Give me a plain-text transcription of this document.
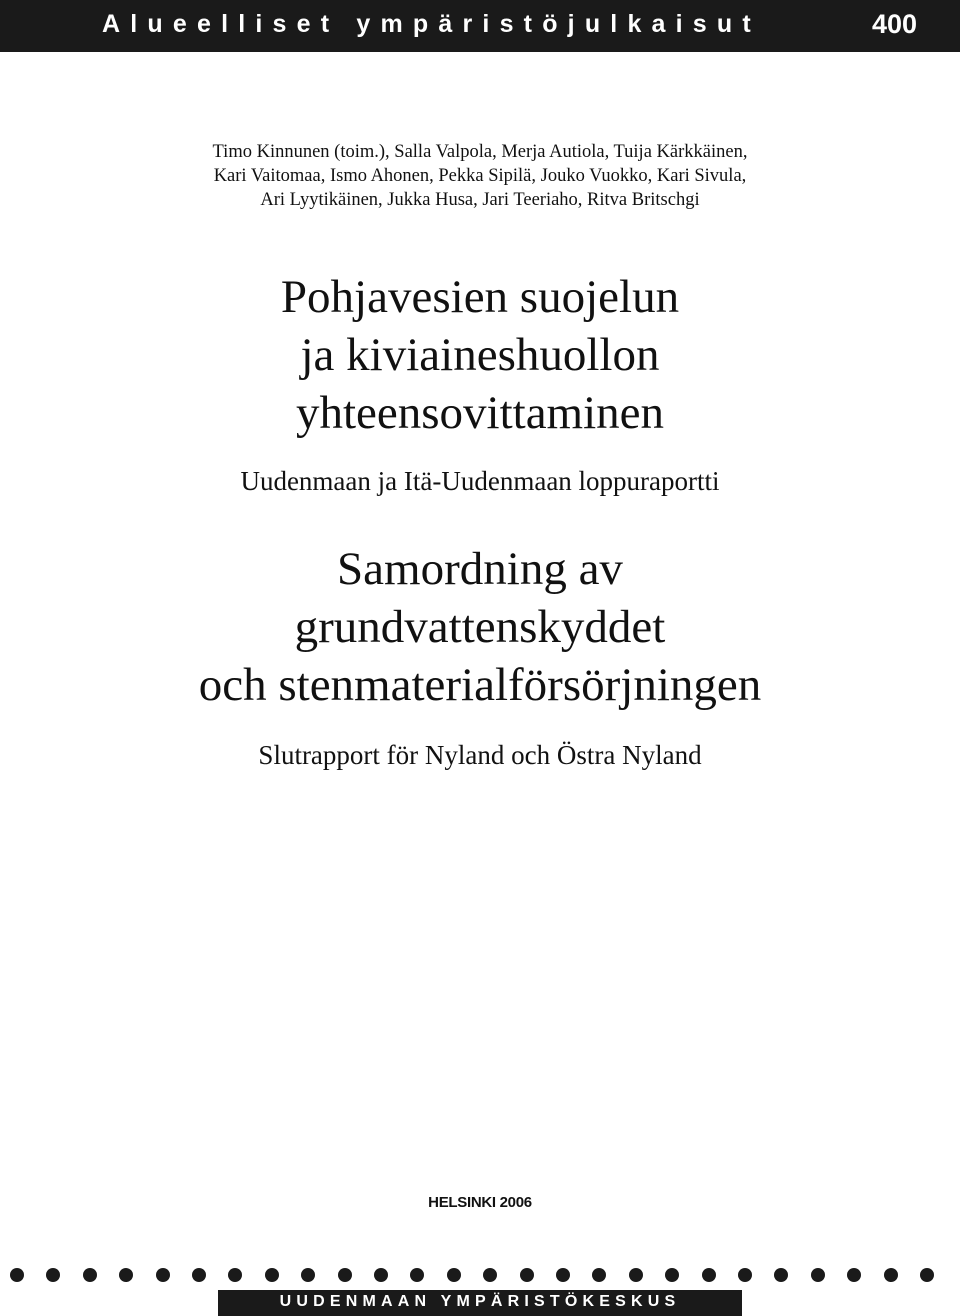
Alueelliset ympäristöjulkaisut	400
Timo Kinnunen (toim.), Salla Valpola, Merja Autiola, Tuija Kärkkäinen,
Kari Vaitomaa, Ismo Ahonen, Pekka Sipilä, Jouko Vuokko, Kari Sivula,
Ari Lyytikäinen, Jukka Husa, Jari Teeriaho, Ritva Britschgi
Pohjavesien suojelun
ja kiviaineshuollon
yhteensovittaminen
Uudenmaan ja Itä-Uudenmaan loppuraportti
Samordning av
grundvattenskyddet
och stenmaterialförsörjningen
Slutrapport för Nyland och Östra Nyland
HELSINKI 2006
UUDENMAAN YMPÄRISTÖKESKUS
